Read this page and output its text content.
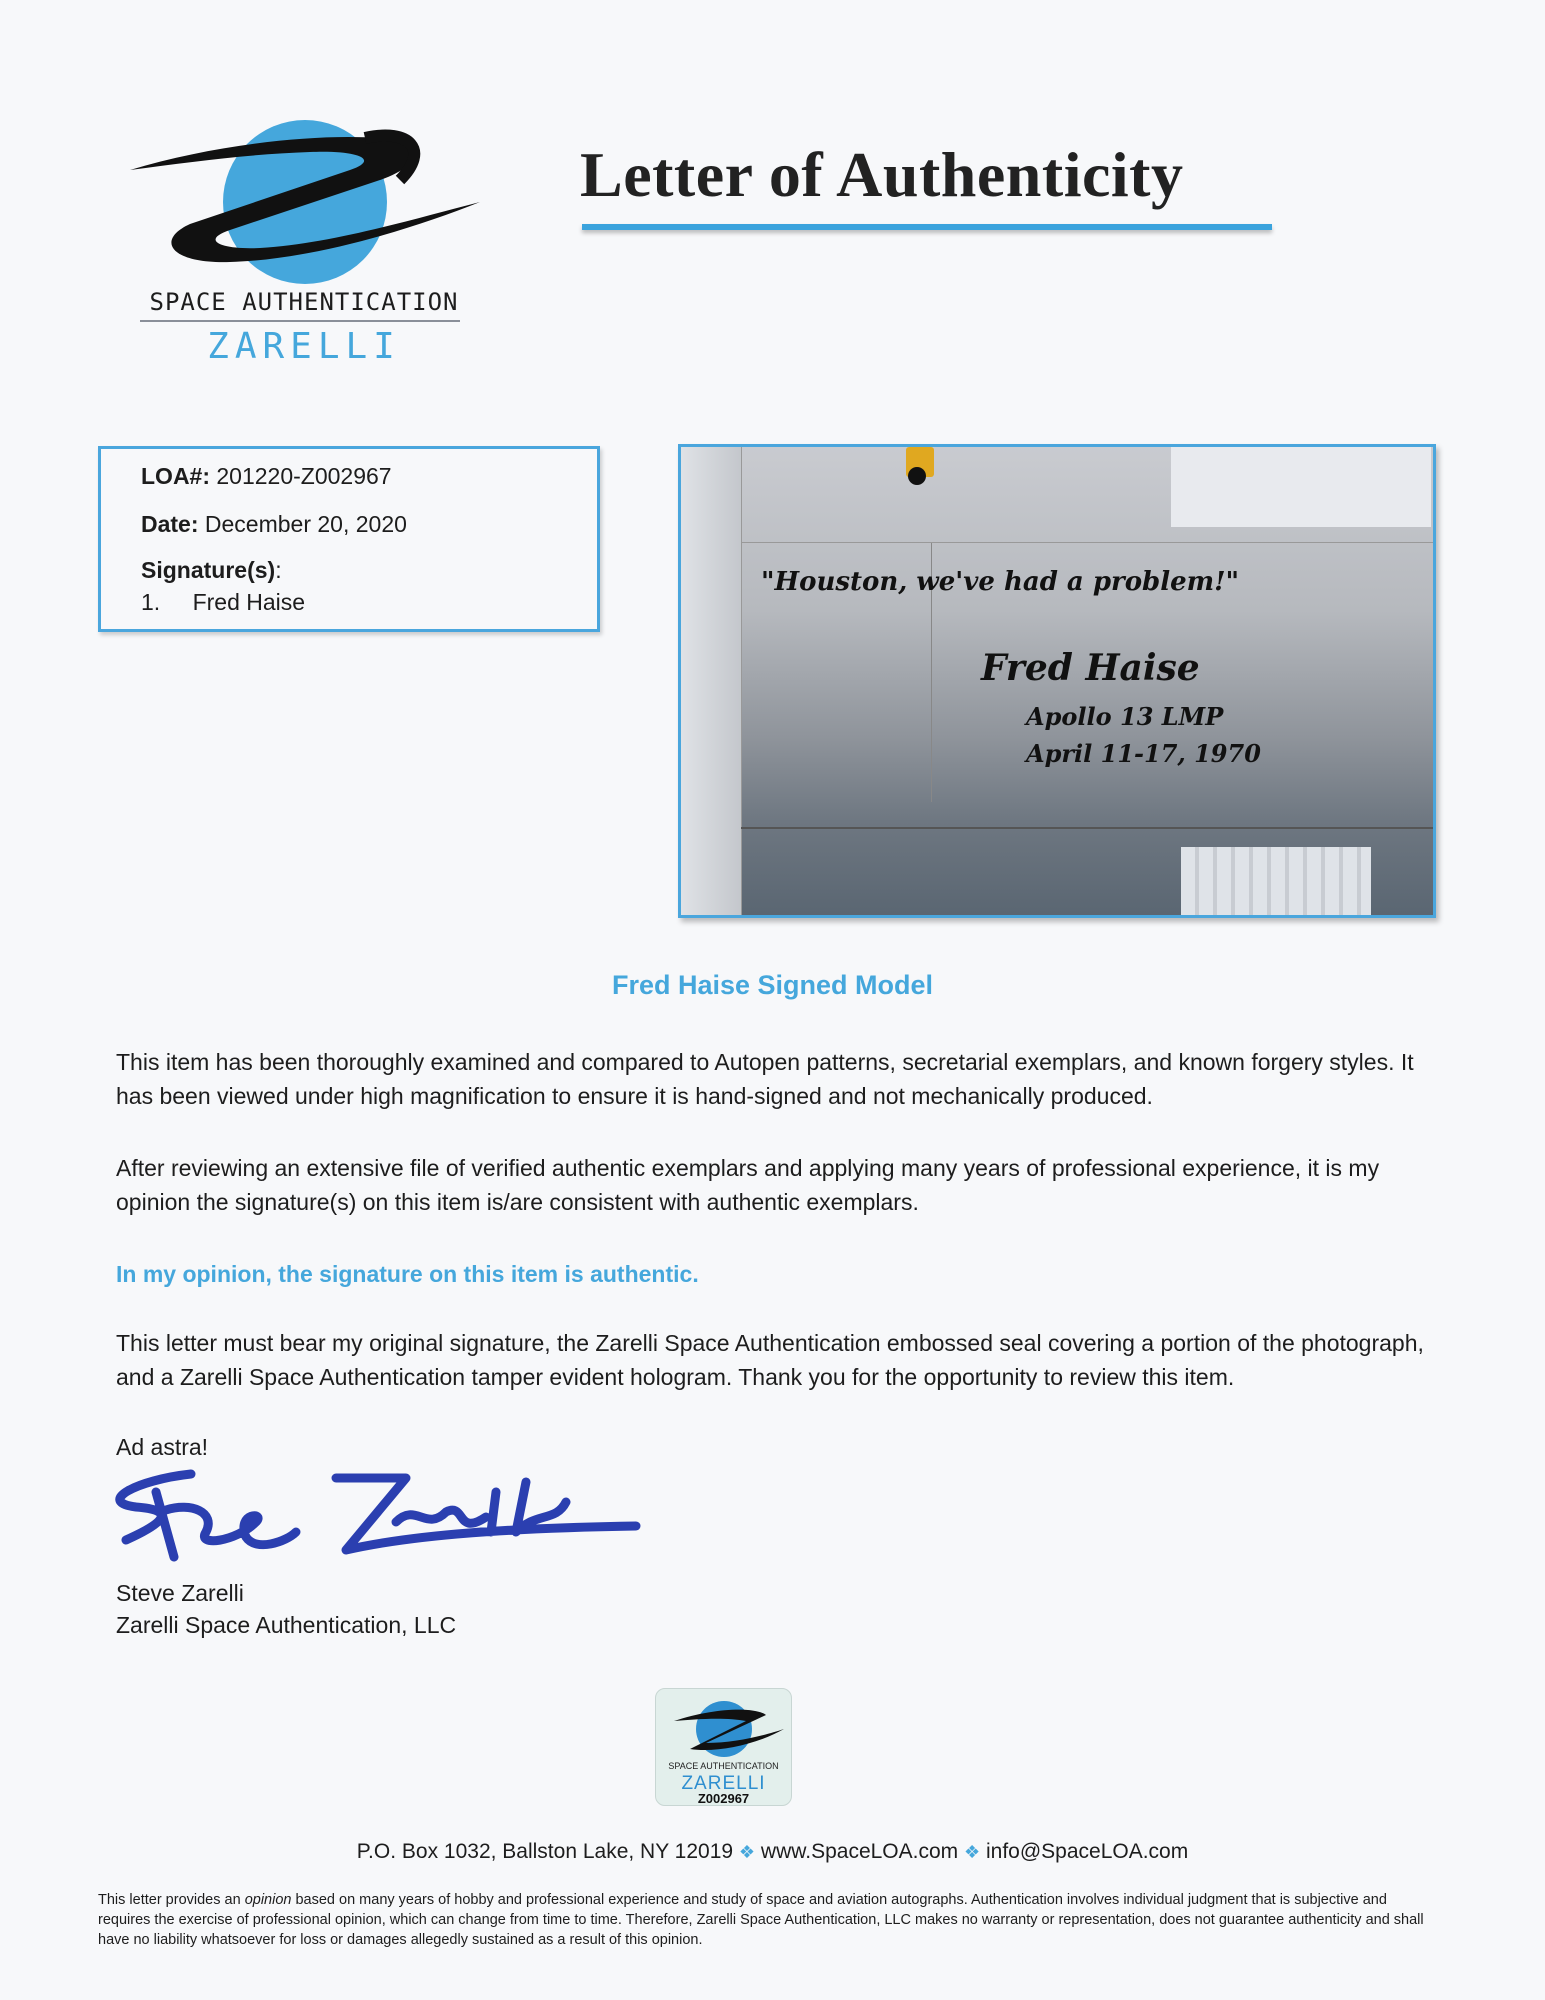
SPACE AUTHENTICATION
ZARELLI
Letter of Authenticity
LOA#: 201220-Z002967
Date: December 20, 2020
Signature(s):
1. Fred Haise
"Houston, we've had a problem!"
Fred Haise
Apollo 13 LMP
April 11-17, 1970
Fred Haise Signed Model
This item has been thoroughly examined and compared to Autopen patterns, secretarial exemplars, and known forgery styles. It has been viewed under high magnification to ensure it is hand-signed and not mechanically produced.
After reviewing an extensive file of verified authentic exemplars and applying many years of professional experience, it is my opinion the signature(s) on this item is/are consistent with authentic exemplars.
In my opinion, the signature on this item is authentic.
This letter must bear my original signature, the Zarelli Space Authentication embossed seal covering a portion of the photograph, and a Zarelli Space Authentication tamper evident hologram. Thank you for the opportunity to review this item.
Ad astra!
Steve Zarelli
Zarelli Space Authentication, LLC
SPACE AUTHENTICATION
ZARELLI
Z002967
P.O. Box 1032, Ballston Lake, NY 12019 ❖ www.SpaceLOA.com ❖ info@SpaceLOA.com
This letter provides an opinion based on many years of hobby and professional experience and study of space and aviation autographs. Authentication involves individual judgment that is subjective and requires the exercise of professional opinion, which can change from time to time. Therefore, Zarelli Space Authentication, LLC makes no warranty or representation, does not guarantee authenticity and shall have no liability whatsoever for loss or damages allegedly sustained as a result of this opinion.
